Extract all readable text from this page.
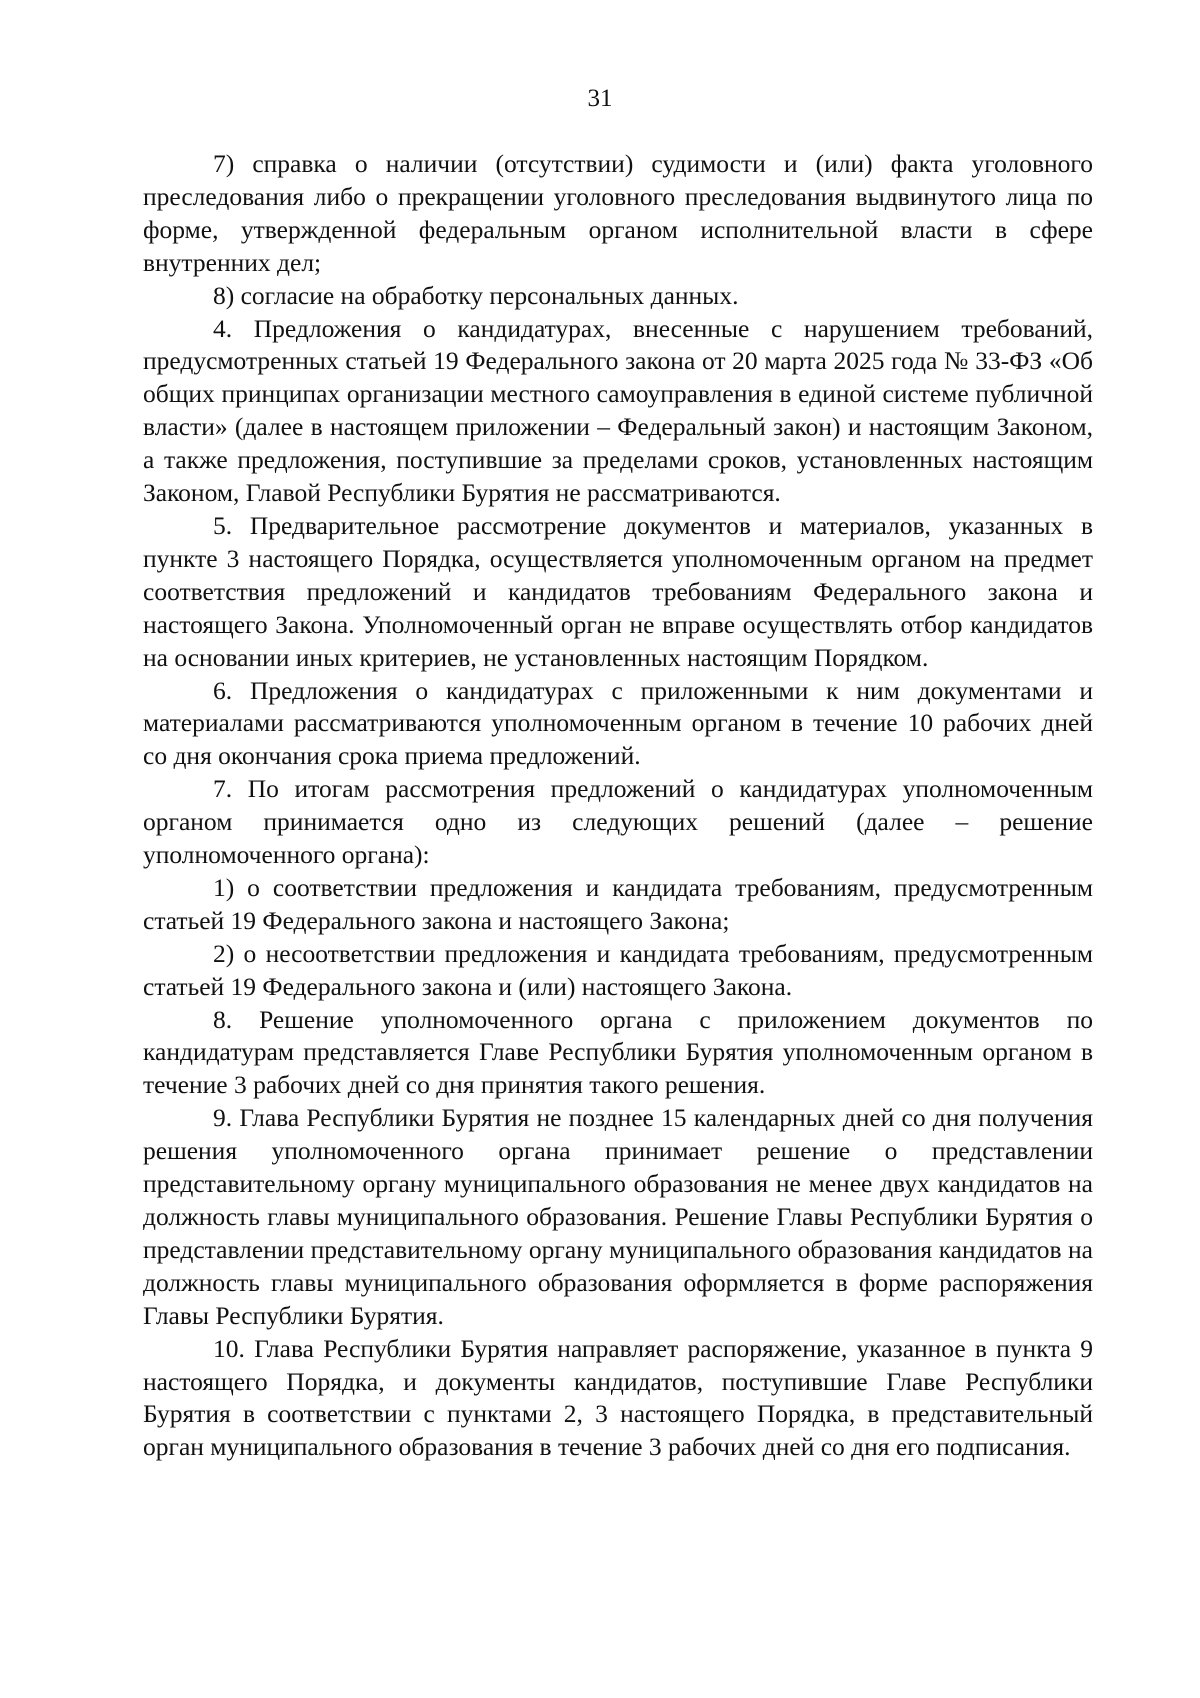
31

7) справка о наличии (отсутствии) судимости и (или) факта уголовного преследования либо о прекращении уголовного преследования выдвинутого лица по форме, утвержденной федеральным органом исполнительной власти в сфере внутренних дел;

8) согласие на обработку персональных данных.

4. Предложения о кандидатурах, внесенные с нарушением требований, предусмотренных статьей 19 Федерального закона от 20 марта 2025 года № 33-ФЗ «Об общих принципах организации местного самоуправления в единой системе публичной власти» (далее в настоящем приложении – Федеральный закон) и настоящим Законом, а также предложения, поступившие за пределами сроков, установленных настоящим Законом, Главой Республики Бурятия не рассматриваются.

5. Предварительное рассмотрение документов и материалов, указанных в пункте 3 настоящего Порядка, осуществляется уполномоченным органом на предмет соответствия предложений и кандидатов требованиям Федерального закона и настоящего Закона. Уполномоченный орган не вправе осуществлять отбор кандидатов на основании иных критериев, не установленных настоящим Порядком.

6. Предложения о кандидатурах с приложенными к ним документами и материалами рассматриваются уполномоченным органом в течение 10 рабочих дней со дня окончания срока приема предложений.

7. По итогам рассмотрения предложений о кандидатурах уполномоченным органом принимается одно из следующих решений (далее – решение уполномоченного органа):

1) о соответствии предложения и кандидата требованиям, предусмотренным статьей 19 Федерального закона и настоящего Закона;

2) о несоответствии предложения и кандидата требованиям, предусмотренным статьей 19 Федерального закона и (или) настоящего Закона.

8. Решение уполномоченного органа с приложением документов по кандидатурам представляется Главе Республики Бурятия уполномоченным органом в течение 3 рабочих дней со дня принятия такого решения.

9. Глава Республики Бурятия не позднее 15 календарных дней со дня получения решения уполномоченного органа принимает решение о представлении представительному органу муниципального образования не менее двух кандидатов на должность главы муниципального образования. Решение Главы Республики Бурятия о представлении представительному органу муниципального образования кандидатов на должность главы муниципального образования оформляется в форме распоряжения Главы Республики Бурятия.

10. Глава Республики Бурятия направляет распоряжение, указанное в пункта 9 настоящего Порядка, и документы кандидатов, поступившие Главе Республики Бурятия в соответствии с пунктами 2, 3 настоящего Порядка, в представительный орган муниципального образования в течение 3 рабочих дней со дня его подписания.
